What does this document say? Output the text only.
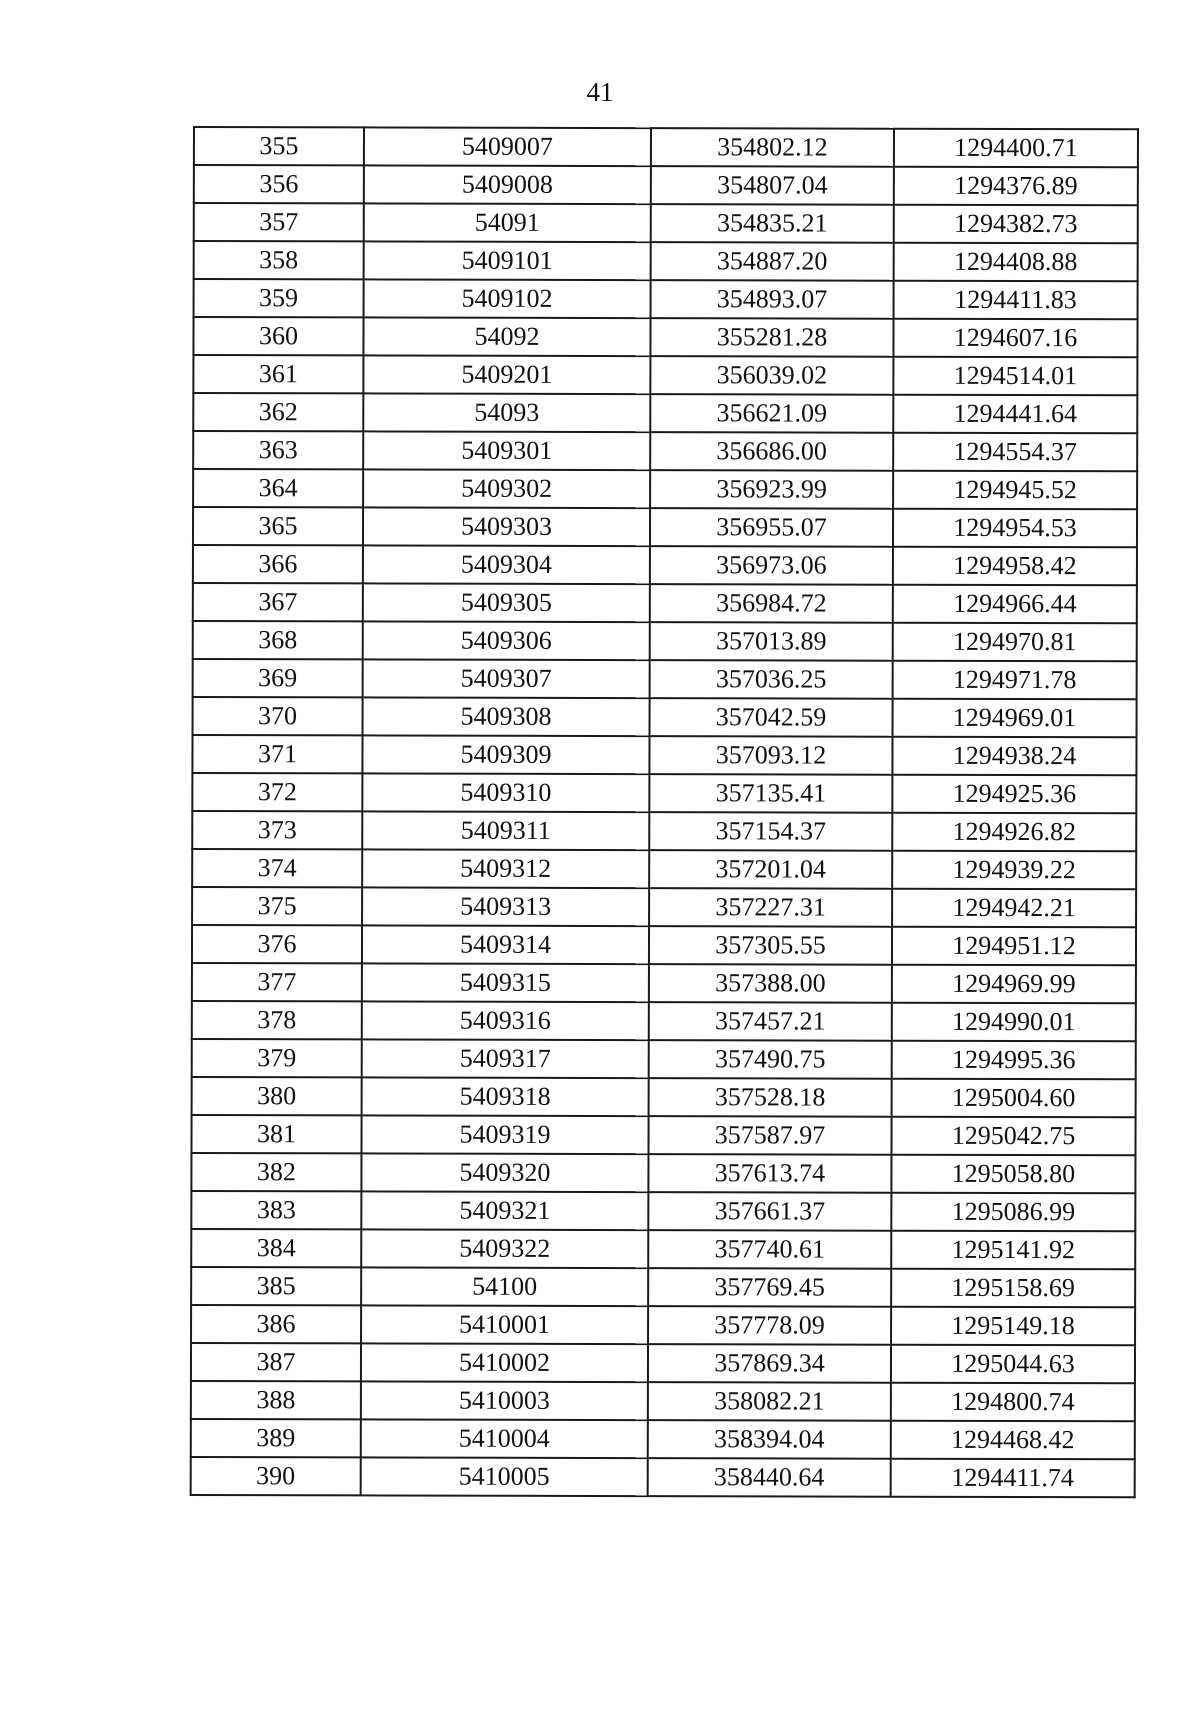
41
355	5409007	354802.12	1294400.71
356	5409008	354807.04	1294376.89
357	54091	354835.21	1294382.73
358	5409101	354887.20	1294408.88
359	5409102	354893.07	1294411.83
360	54092	355281.28	1294607.16
361	5409201	356039.02	1294514.01
362	54093	356621.09	1294441.64
363	5409301	356686.00	1294554.37
364	5409302	356923.99	1294945.52
365	5409303	356955.07	1294954.53
366	5409304	356973.06	1294958.42
367	5409305	356984.72	1294966.44
368	5409306	357013.89	1294970.81
369	5409307	357036.25	1294971.78
370	5409308	357042.59	1294969.01
371	5409309	357093.12	1294938.24
372	5409310	357135.41	1294925.36
373	5409311	357154.37	1294926.82
374	5409312	357201.04	1294939.22
375	5409313	357227.31	1294942.21
376	5409314	357305.55	1294951.12
377	5409315	357388.00	1294969.99
378	5409316	357457.21	1294990.01
379	5409317	357490.75	1294995.36
380	5409318	357528.18	1295004.60
381	5409319	357587.97	1295042.75
382	5409320	357613.74	1295058.80
383	5409321	357661.37	1295086.99
384	5409322	357740.61	1295141.92
385	54100	357769.45	1295158.69
386	5410001	357778.09	1295149.18
387	5410002	357869.34	1295044.63
388	5410003	358082.21	1294800.74
389	5410004	358394.04	1294468.42
390	5410005	358440.64	1294411.74
